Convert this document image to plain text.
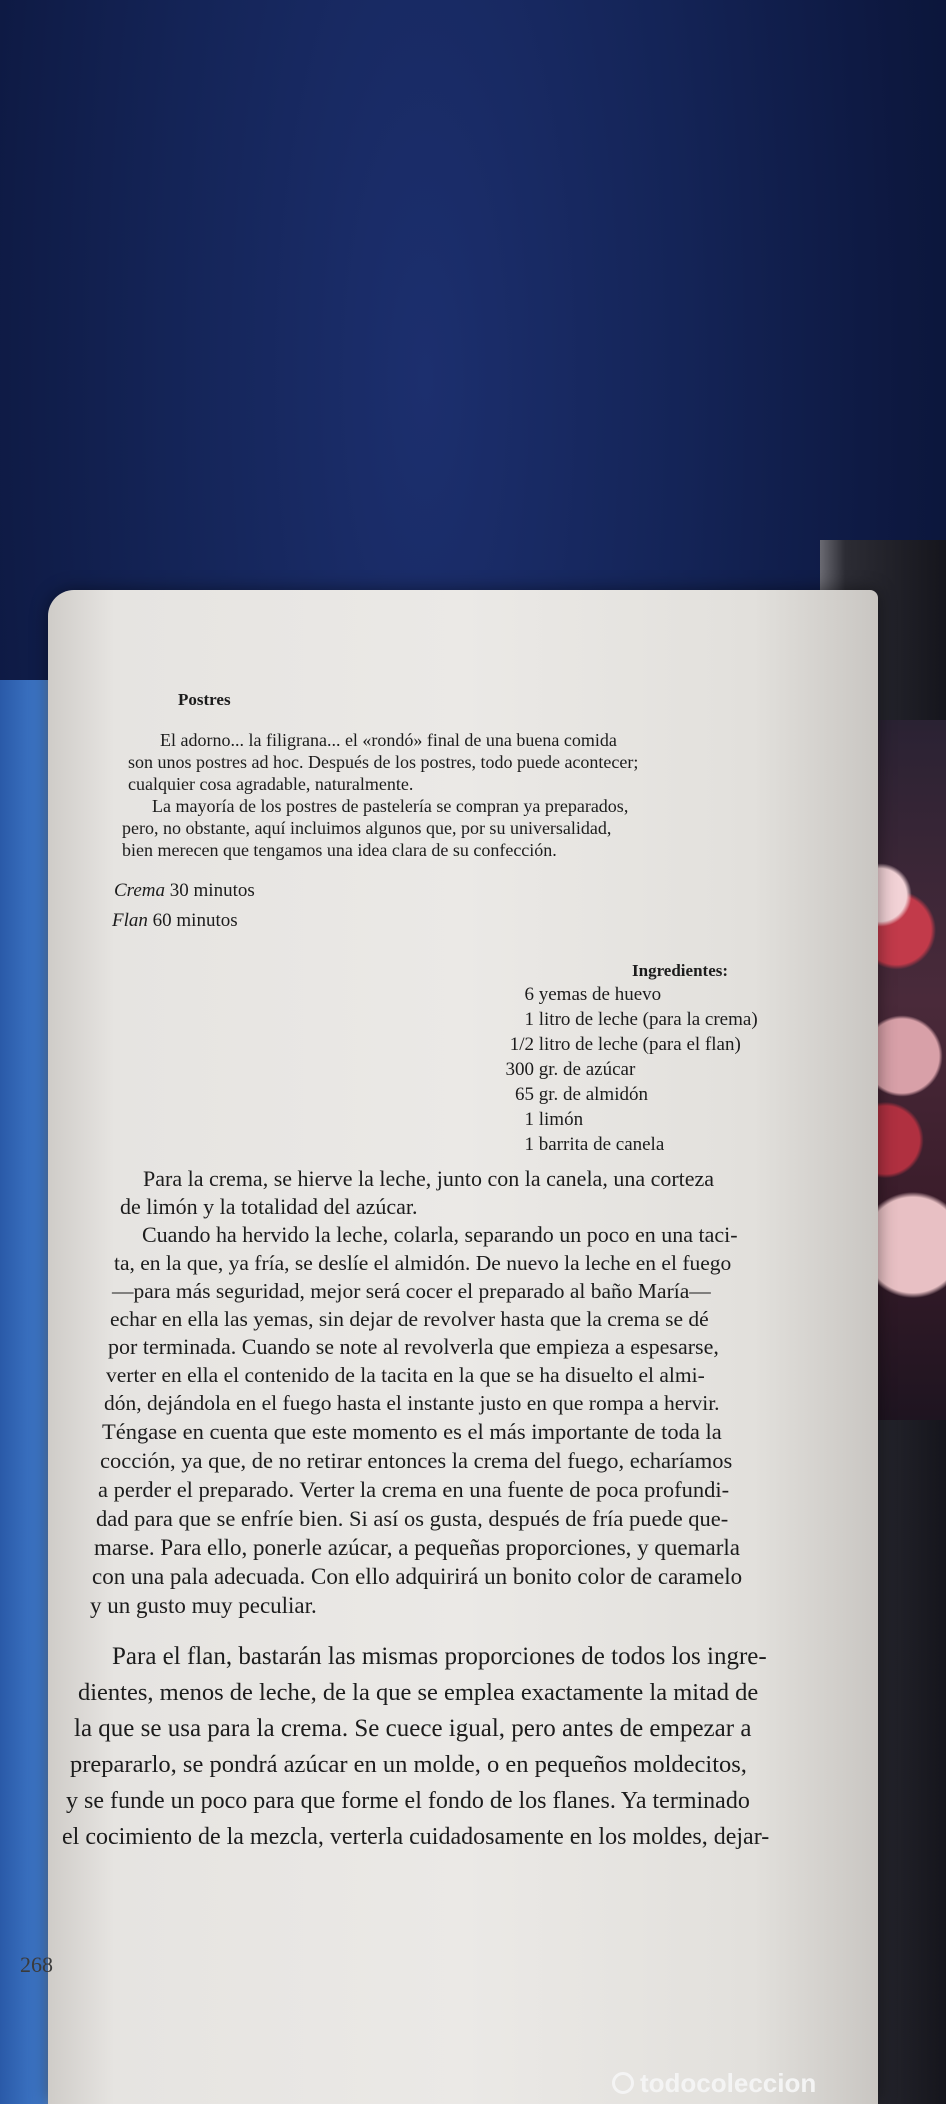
Postres
El adorno... la filigrana... el «rondó» final de una buena comida
son unos postres ad hoc. Después de los postres, todo puede acontecer;
cualquier cosa agradable, naturalmente.
La mayoría de los postres de pastelería se compran ya preparados,
pero, no obstante, aquí incluimos algunos que, por su universalidad,
bien merecen que tengamos una idea clara de su confección.
Crema 30 minutos
Flan 60 minutos
Ingredientes:
6 yemas de huevo
1 litro de leche (para la crema)
1/2 litro de leche (para el flan)
300 gr. de azúcar
65 gr. de almidón
1 limón
1 barrita de canela
Para la crema, se hierve la leche, junto con la canela, una corteza
de limón y la totalidad del azúcar.
Cuando ha hervido la leche, colarla, separando un poco en una taci-
ta, en la que, ya fría, se deslíe el almidón. De nuevo la leche en el fuego
—para más seguridad, mejor será cocer el preparado al baño María—
echar en ella las yemas, sin dejar de revolver hasta que la crema se dé
por terminada. Cuando se note al revolverla que empieza a espesarse,
verter en ella el contenido de la tacita en la que se ha disuelto el almi-
dón, dejándola en el fuego hasta el instante justo en que rompa a hervir.
Téngase en cuenta que este momento es el más importante de toda la
cocción, ya que, de no retirar entonces la crema del fuego, echaríamos
a perder el preparado. Verter la crema en una fuente de poca profundi-
dad para que se enfríe bien. Si así os gusta, después de fría puede que-
marse. Para ello, ponerle azúcar, a pequeñas proporciones, y quemarla
con una pala adecuada. Con ello adquirirá un bonito color de caramelo
y un gusto muy peculiar.
Para el flan, bastarán las mismas proporciones de todos los ingre-
dientes, menos de leche, de la que se emplea exactamente la mitad de
la que se usa para la crema. Se cuece igual, pero antes de empezar a
prepararlo, se pondrá azúcar en un molde, o en pequeños moldecitos,
y se funde un poco para que forme el fondo de los flanes. Ya terminado
el cocimiento de la mezcla, verterla cuidadosamente en los moldes, dejar-
268
todocoleccion
